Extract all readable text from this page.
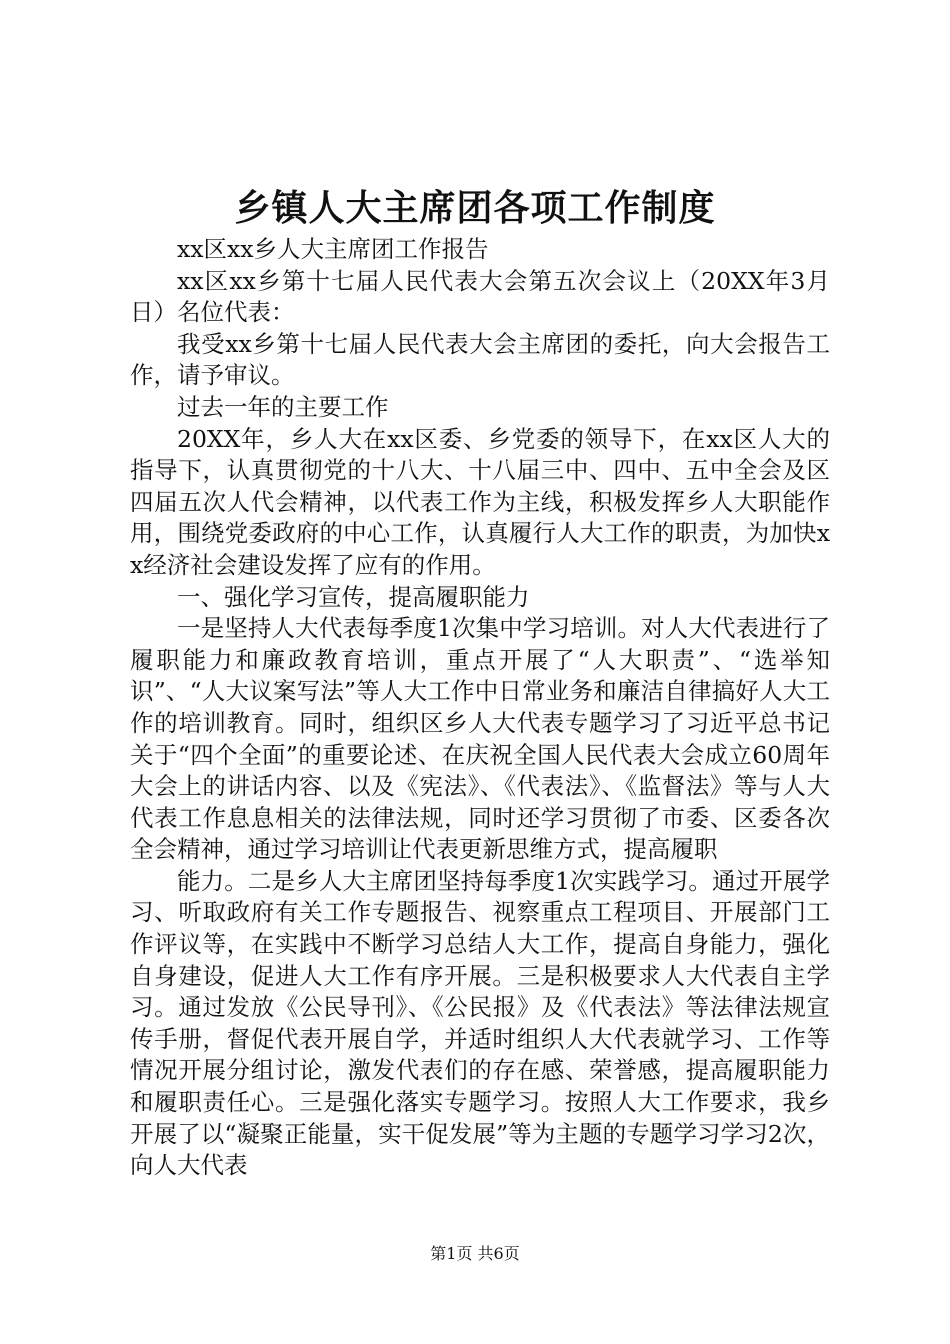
乡镇人大主席团各项工作制度

xx区xx乡人大主席团工作报告

xx区xx乡第十七届人民代表大会第五次会议上（20XX年3月日）名位代表：

我受xx乡第十七届人民代表大会主席团的委托，向大会报告工作，请予审议。

过去一年的主要工作

20XX年，乡人大在xx区委、乡党委的领导下，在xx区人大的指导下，认真贯彻党的十八大、十八届三中、四中、五中全会及区四届五次人代会精神，以代表工作为主线，积极发挥乡人大职能作用，围绕党委政府的中心工作，认真履行人大工作的职责，为加快xx经济社会建设发挥了应有的作用。

一、强化学习宣传，提高履职能力

一是坚持人大代表每季度1次集中学习培训。对人大代表进行了履职能力和廉政教育培训，重点开展了“人大职责”、“选举知识”、“人大议案写法”等人大工作中日常业务和廉洁自律搞好人大工作的培训教育。同时，组织区乡人大代表专题学习了习近平总书记关于“四个全面”的重要论述、在庆祝全国人民代表大会成立60周年大会上的讲话内容、以及《宪法》、《代表法》、《监督法》等与人大代表工作息息相关的法律法规，同时还学习贯彻了市委、区委各次全会精神，通过学习培训让代表更新思维方式，提高履职

能力。二是乡人大主席团坚持每季度1次实践学习。通过开展学习、听取政府有关工作专题报告、视察重点工程项目、开展部门工作评议等，在实践中不断学习总结人大工作，提高自身能力，强化自身建设，促进人大工作有序开展。三是积极要求人大代表自主学习。通过发放《公民导刊》、《公民报》及《代表法》等法律法规宣传手册，督促代表开展自学，并适时组织人大代表就学习、工作等情况开展分组讨论，激发代表们的存在感、荣誉感，提高履职能力和履职责任心。三是强化落实专题学习。按照人大工作要求，我乡开展了以“凝聚正能量，实干促发展”等为主题的专题学习学习2次，向人大代表

第1页 共6页
